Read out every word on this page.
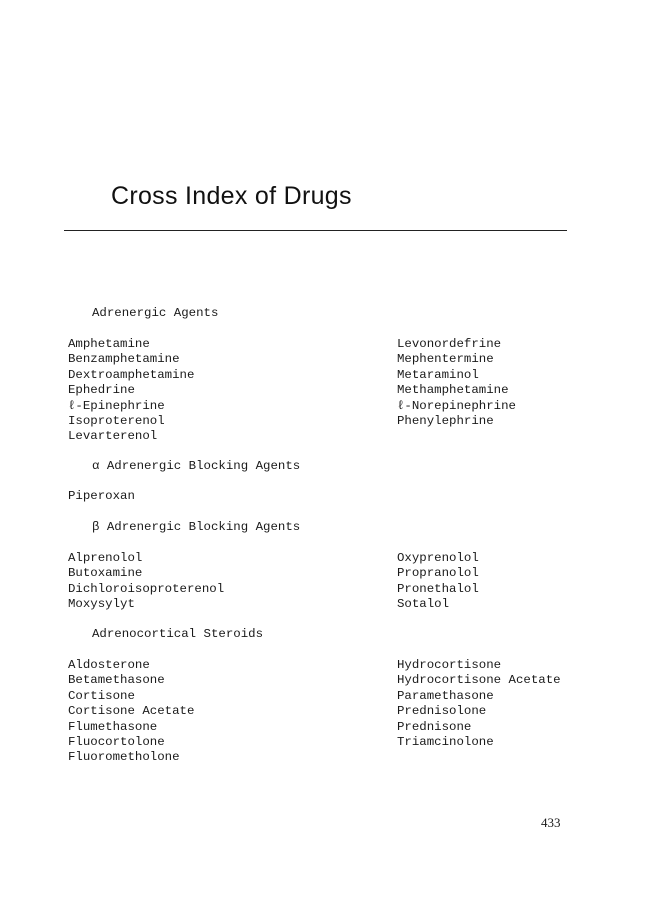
Cross Index of Drugs
Adrenergic Agents
Amphetamine
Benzamphetamine
Dextroamphetamine
Ephedrine
ℓ-Epinephrine
Isoproterenol
Levarterenol
Levonordefrine
Mephentermine
Metaraminol
Methamphetamine
ℓ-Norepinephrine
Phenylephrine
α Adrenergic Blocking Agents
Piperoxan
β Adrenergic Blocking Agents
Alprenolol
Butoxamine
Dichloroisoproterenol
Moxysylyt
Oxyprenolol
Propranolol
Pronethalol
Sotalol
Adrenocortical Steroids
Aldosterone
Betamethasone
Cortisone
Cortisone Acetate
Flumethasone
Fluocortolone
Fluorometholone
Hydrocortisone
Hydrocortisone Acetate
Paramethasone
Prednisolone
Prednisone
Triamcinolone
433
